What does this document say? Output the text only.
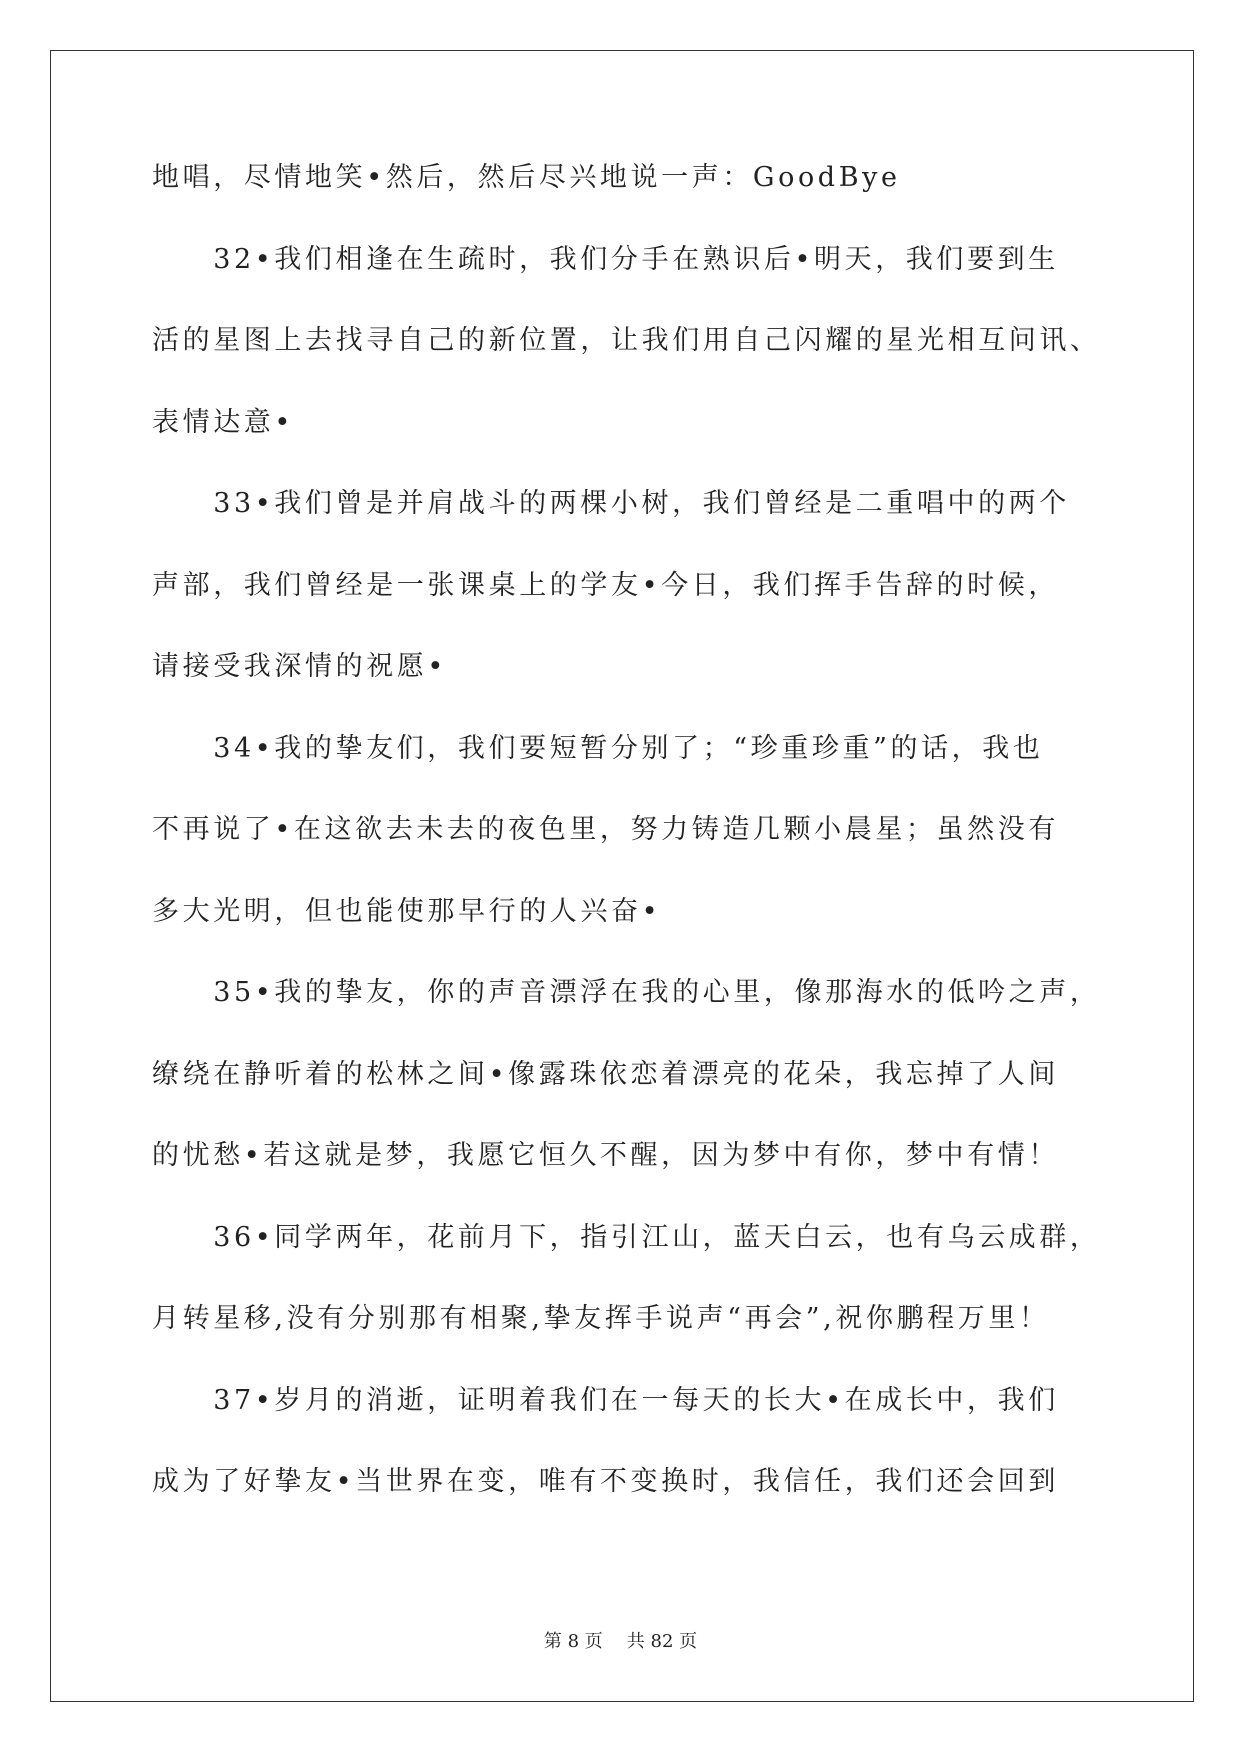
地唱，尽情地笑•然后，然后尽兴地说一声：GoodBye
　　32•我们相逢在生疏时，我们分手在熟识后•明天，我们要到生
活的星图上去找寻自己的新位置，让我们用自己闪耀的星光相互问讯、
表情达意•
　　33•我们曾是并肩战斗的两棵小树，我们曾经是二重唱中的两个
声部，我们曾经是一张课桌上的学友•今日，我们挥手告辞的时候，
请接受我深情的祝愿•
　　34•我的挚友们，我们要短暂分别了；“珍重珍重”的话，我也
不再说了•在这欲去未去的夜色里，努力铸造几颗小晨星；虽然没有
多大光明，但也能使那早行的人兴奋•
　　35•我的挚友，你的声音漂浮在我的心里，像那海水的低吟之声，
缭绕在静听着的松林之间•像露珠依恋着漂亮的花朵，我忘掉了人间
的忧愁•若这就是梦，我愿它恒久不醒，因为梦中有你，梦中有情！
　　36•同学两年，花前月下，指引江山，蓝天白云，也有乌云成群，
月转星移,没有分别那有相聚,挚友挥手说声“再会”,祝你鹏程万里！
　　37•岁月的消逝，证明着我们在一每天的长大•在成长中，我们
成为了好挚友•当世界在变，唯有不变换时，我信任，我们还会回到
第 8 页 共 82 页
